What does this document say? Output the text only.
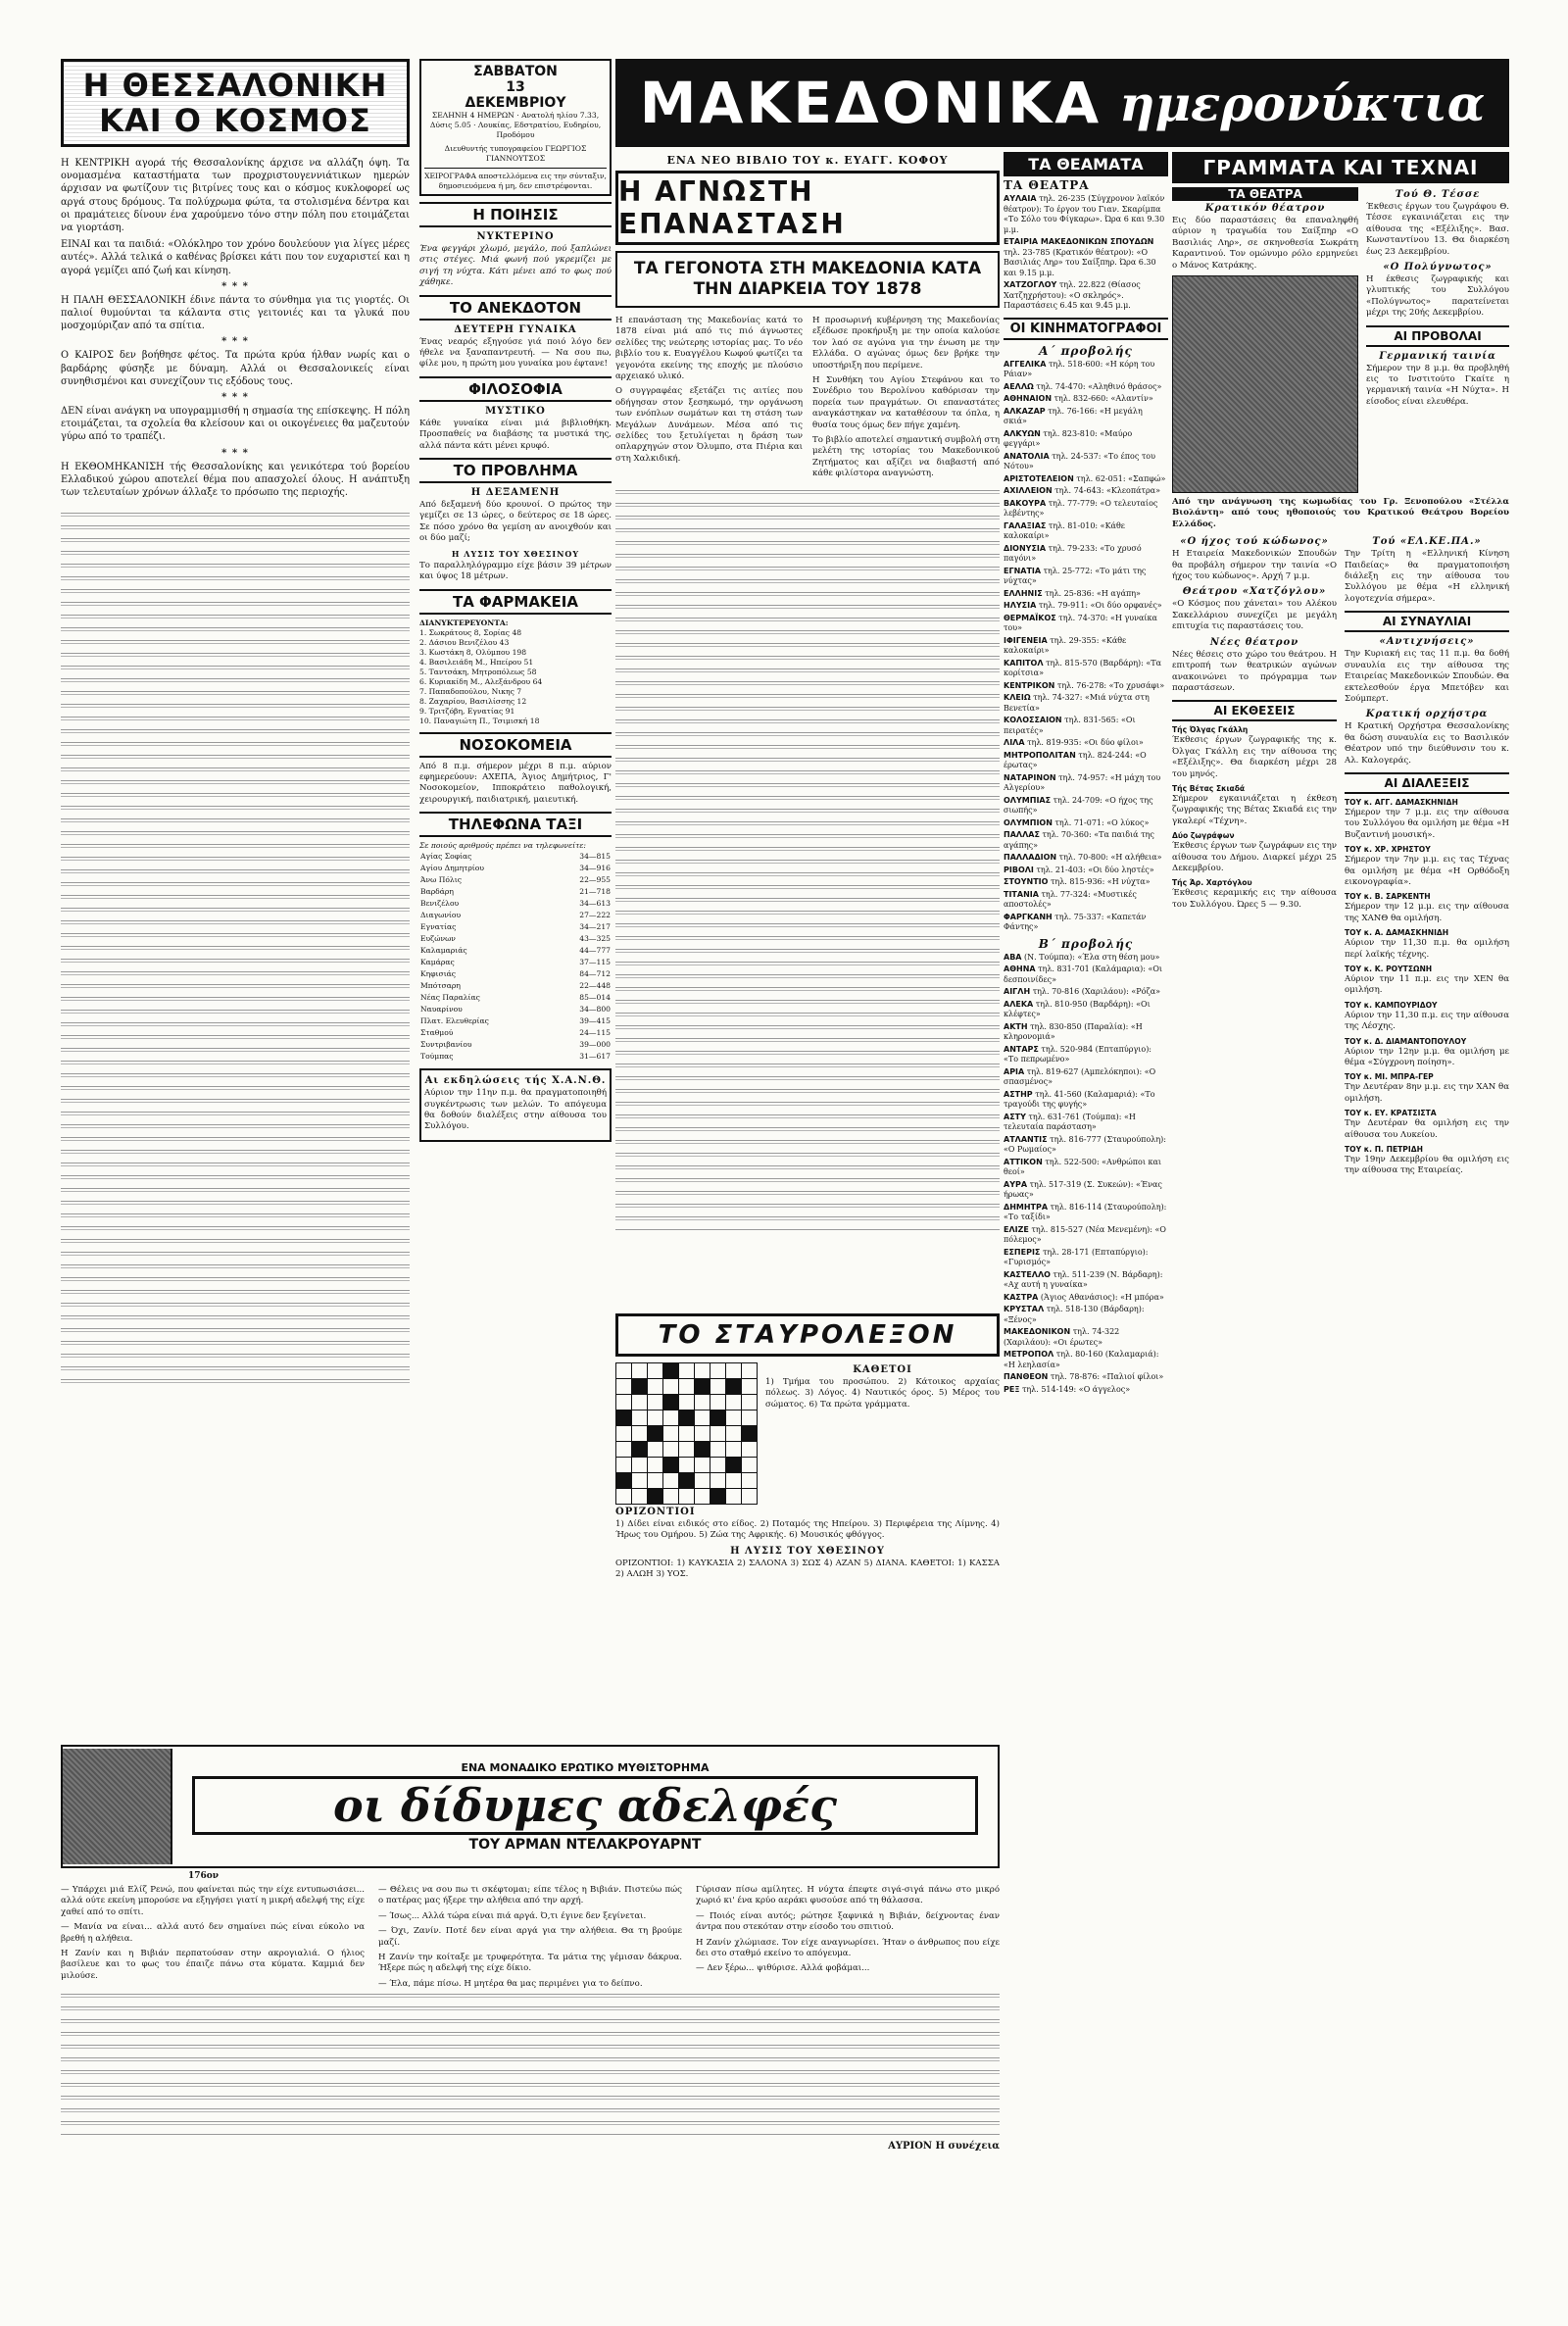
Η ΘΕΣΣΑΛΟΝΙΚΗ
ΚΑΙ Ο ΚΟΣΜΟΣ

Η ΚΕΝΤΡΙΚΗ αγορά τής Θεσσαλονίκης άρχισε να αλλάζη όψη. Τα ονομασμένα καταστήματα των προχριστουγεννιάτικων ημερών άρχισαν να φωτίζουν τις βιτρίνες τους και ο κόσμος κυκλοφορεί ως αργά στους δρόμους. Τα πολύχρωμα φώτα, τα στολισμένα δέντρα και οι πραμάτειες δίνουν ένα χαρούμενο τόνο στην πόλη που ετοιμάζεται να γιορτάση.

ΕΙΝΑΙ και τα παιδιά: «Ολόκληρο τον χρόνο δουλεύουν για λίγες μέρες αυτές». Αλλά τελικά ο καθένας βρίσκει κάτι που τον ευχαριστεί και η αγορά γεμίζει από ζωή και κίνηση.

* * *

Η ΠΑΛΗ ΘΕΣΣΑΛΟΝΙΚΗ έδινε πάντα το σύνθημα για τις γιορτές. Οι παλιοί θυμούνται τα κάλαντα στις γειτονιές και τα γλυκά που μοσχομύριζαν από τα σπίτια.

* * *

Ο ΚΑΙΡΟΣ δεν βοήθησε φέτος. Τα πρώτα κρύα ήλθαν νωρίς και ο βαρδάρης φύσηξε με δύναμη. Αλλά οι Θεσσαλονικείς είναι συνηθισμένοι και συνεχίζουν τις εξόδους τους.

* * *

ΔΕΝ είναι ανάγκη να υπογραμμισθή η σημασία της επίσκεψης. Η πόλη ετοιμάζεται, τα σχολεία θα κλείσουν και οι οικογένειες θα μαζευτούν γύρω από το τραπέζι.

* * *

Η ΕΚΘΟΜΗΚΑΝΙΣΗ τής Θεσσαλονίκης και γενικότερα τού βορείου Ελλαδικού χώρου αποτελεί θέμα που απασχολεί όλους. Η ανάπτυξη των τελευταίων χρόνων άλλαξε το πρόσωπο της περιοχής.

ΣΑΒΒΑΤΟΝ
13
ΔΕΚΕΜΒΡΙΟΥ
ΣΕΛΗΝΗ 4 ΗΜΕΡΩΝ · Ανατολή ηλίου 7.33, Δύσις 5.05 · Λουκίας, Εδστρατίου, Ευδηρίου, Προδόμου
Διευθυντής τυπογραφείου ΓΕΩΡΓΙΟΣ ΓΙΑΝΝΟΥΤΣΟΣ
ΧΕΙΡΟΓΡΑΦΑ αποστελλόμενα εις την σύνταξιν, δημοσιευόμενα ή μη, δεν επιστρέφονται.
Η ΠΟΙΗΣΙΣ
ΝΥΚΤΕΡΙΝΟ

Ένα φεγγάρι χλωμό, μεγάλο, πού ξαπλώνει στις στέγες. Μιά φωνή πού γκρεμίζει με σιγή τη νύχτα. Κάτι μένει από το φως πού χάθηκε.

ΤΟ ΑΝΕΚΔΟΤΟΝ
ΔΕΥΤΕΡΗ ΓΥΝΑΙΚΑ

Ένας νεαρός εξηγούσε γιά ποιό λόγο δεν ήθελε να ξαναπαντρευτή. — Να σου πω, φίλε μου, η πρώτη μου γυναίκα μου έφτανε!

ΦΙΛΟΣΟΦΙΑ
ΜΥΣΤΙΚΟ

Κάθε γυναίκα είναι μιά βιβλιοθήκη. Προσπαθείς να διαβάσης τα μυστικά της, αλλά πάντα κάτι μένει κρυφό.

ΤΟ ΠΡΟΒΛΗΜΑ
Η ΔΕΞΑΜΕΝΗ

Από δεξαμενή δύο κρουνοί. Ο πρώτος την γεμίζει σε 13 ώρες, ο δεύτερος σε 18 ώρες. Σε πόσο χρόνο θα γεμίση αν ανοιχθούν και οι δύο μαζί;

Η ΛΥΣΙΣ ΤΟΥ ΧΘΕΣΙΝΟΥ

Το παραλληλόγραμμο είχε βάσιν 39 μέτρων και ύψος 18 μέτρων.

ΤΑ ΦΑΡΜΑΚΕΙΑ
ΔΙΑΝΥΚΤΕΡΕΥΟΝΤΑ:
1. Σωκράτους 8, Σορίας 48
2. Δάσιου Βενιζέλου 43
3. Κωστάκη 8, Ολύμπου 198
4. Βασιλειάδη Μ., Ηπείρου 51
5. Ταντσάκη, Μητροπόλεως 58
6. Κυριακίδη Μ., Αλεξάνδρου 64
7. Παπαδοπούλου, Νικης 7
8. Ζαχαρίου, Βασιλίσσης 12
9. Τριτζόβη, Εγνατίας 91
10. Παναγιώτη Π., Τσιμισκή 18
ΝΟΣΟΚΟΜΕΙΑ

Από 8 π.μ. σήμερον μέχρι 8 π.μ. αύριον εφημερεύουν: ΑΧΕΠΑ, Άγιος Δημήτριος, Γ' Νοσοκομείον, Ιπποκράτειο παθολογική, χειρουργική, παιδιατρική, μαιευτική.

ΤΗΛΕΦΩΝΑ ΤΑΞΙ
Σε ποιούς αριθμούς πρέπει να τηλεφωνείτε:
Αγίας Σοφίας	34—815
Αγίου Δημητρίου	34—916
Άνω Πόλις	22—955
Βαρδάρη	21—718
Βενιζέλου	34—613
Διαγωνίου	27—222
Εγνατίας	34—217
Ευζώνων	43—325
Καλαμαριάς	44—777
Καμάρας	37—115
Κηφισιάς	84—712
Μπότσαρη	22—448
Νέας Παραλίας	85—014
Ναυαρίνου	34—800
Πλατ. Ελευθερίας	39—415
Σταθμού	24—115
Συντριβανίου	39—000
Τούμπας	31—617
Αι εκδηλώσεις τής Χ.Α.Ν.Θ.

Αύριον την 11ην π.μ. θα πραγματοποιηθή συγκέντρωσις των μελών. Το απόγευμα θα δοθούν διαλέξεις στην αίθουσα του Συλλόγου.

ΜΑΚΕΔΟΝΙΚΑ ημερονύκτια
ΕΝΑ ΝΕΟ ΒΙΒΛΙΟ ΤΟΥ κ. ΕΥΑΓΓ. ΚΟΦΟΥ
Η ΑΓΝΩΣΤΗ ΕΠΑΝΑΣΤΑΣΗ
ΤΑ ΓΕΓΟΝΟΤΑ ΣΤΗ ΜΑΚΕΔΟΝΙΑ ΚΑΤΑ ΤΗΝ ΔΙΑΡΚΕΙΑ ΤΟΥ 1878

Η επανάσταση της Μακεδονίας κατά το 1878 είναι μιά από τις πιό άγνωστες σελίδες της νεώτερης ιστορίας μας. Το νέο βιβλίο του κ. Ευαγγέλου Κωφού φωτίζει τα γεγονότα εκείνης της εποχής με πλούσιο αρχειακό υλικό.

Ο συγγραφέας εξετάζει τις αιτίες που οδήγησαν στον ξεσηκωμό, την οργάνωση των ενόπλων σωμάτων και τη στάση των Μεγάλων Δυνάμεων. Μέσα από τις σελίδες του ξετυλίγεται η δράση των οπλαρχηγών στον Όλυμπο, στα Πιέρια και στη Χαλκιδική.

Η προσωρινή κυβέρνηση της Μακεδονίας εξέδωσε προκήρυξη με την οποία καλούσε τον λαό σε αγώνα για την ένωση με την Ελλάδα. Ο αγώνας όμως δεν βρήκε την υποστήριξη που περίμενε.

Η Συνθήκη του Αγίου Στεφάνου και το Συνέδριο του Βερολίνου καθόρισαν την πορεία των πραγμάτων. Οι επαναστάτες αναγκάστηκαν να καταθέσουν τα όπλα, η θυσία τους όμως δεν πήγε χαμένη.

Το βιβλίο αποτελεί σημαντική συμβολή στη μελέτη της ιστορίας του Μακεδονικού Ζητήματος και αξίζει να διαβαστή από κάθε φιλίστορα αναγνώστη.

ΤΟ ΣΤΑΥΡΟΛΕΞΟΝ

ΚΑΘΕΤΟΙ

1) Τμήμα του προσώπου. 2) Κάτοικος αρχαίας πόλεως. 3) Λόγος. 4) Ναυτικός όρος. 5) Μέρος του σώματος. 6) Τα πρώτα γράμματα.

ΟΡΙΖΟΝΤΙΟΙ

1) Δίδει είναι ειδικός στο είδος. 2) Ποταμός της Ηπείρου. 3) Περιφέρεια της Λίμνης. 4) Ήρως του Ομήρου. 5) Ζώα της Αφρικής. 6) Μουσικός φθόγγος.

Η ΛΥΣΙΣ ΤΟΥ ΧΘΕΣΙΝΟΥ

ΟΡΙΖΟΝΤΙΟΙ: 1) ΚΑΥΚΑΣΙΑ 2) ΣΑΛΟΝΑ 3) ΣΩΣ 4) ΑΖΑΝ 5) ΔΙΑΝΑ. ΚΑΘΕΤΟΙ: 1) ΚΑΣΣΑ 2) ΑΛΩΗ 3) ΥΟΣ.

ΕΝΑ ΜΟΝΑΔΙΚΟ ΕΡΩΤΙΚΟ ΜΥΘΙΣΤΟΡΗΜΑ
οι δίδυμες αδελφές
ΤΟΥ ΑΡΜΑΝ ΝΤΕΛΑΚΡΟΥΑΡΝΤ
176ον

— Υπάρχει μιά Ελίζ Ρενώ, που φαίνεται πώς την είχε εντυπωσιάσει... αλλά ούτε εκείνη μπορούσε να εξηγήσει γιατί η μικρή αδελφή της είχε χαθεί από το σπίτι.

— Μανία να είναι... αλλά αυτό δεν σημαίνει πώς είναι εύκολο να βρεθή η αλήθεια.

Η Ζανίν και η Βιβιάν περπατούσαν στην ακρογιαλιά. Ο ήλιος βασίλευε και το φως του έπαιζε πάνω στα κύματα. Καμμιά δεν μιλούσε.

— Θέλεις να σου πω τι σκέφτομαι; είπε τέλος η Βιβιάν. Πιστεύω πώς ο πατέρας μας ήξερε την αλήθεια από την αρχή.

— Ίσως... Αλλά τώρα είναι πιά αργά. Ό,τι έγινε δεν ξεγίνεται.

— Όχι, Ζανίν. Ποτέ δεν είναι αργά για την αλήθεια. Θα τη βρούμε μαζί.

Η Ζανίν την κοίταξε με τρυφερότητα. Τα μάτια της γέμισαν δάκρυα. Ήξερε πώς η αδελφή της είχε δίκιο.

— Έλα, πάμε πίσω. Η μητέρα θα μας περιμένει για το δείπνο.

Γύρισαν πίσω αμίλητες. Η νύχτα έπεφτε σιγά-σιγά πάνω στο μικρό χωριό κι' ένα κρύο αεράκι φυσούσε από τη θάλασσα.

— Ποιός είναι αυτός; ρώτησε ξαφνικά η Βιβιάν, δείχνοντας έναν άντρα που στεκόταν στην είσοδο του σπιτιού.

Η Ζανίν χλώμιασε. Τον είχε αναγνωρίσει. Ήταν ο άνθρωπος που είχε δει στο σταθμό εκείνο το απόγευμα.

— Δεν ξέρω... ψιθύρισε. Αλλά φοβάμαι...

ΑΥΡΙΟΝ Η συνέχεια
ΤΑ ΘΕΑΜΑΤΑ
ΤΑ ΘΕΑΤΡΑ

ΑΥΛΑΙΑ τηλ. 26-235 (Σύγχρονον λαϊκόν θέατρον): Το έργον του Γιαν. Σκαρίμπα «Το Σόλο του Φίγκαρω». Ώρα 6 και 9.30 μ.μ.

ΕΤΑΙΡΙΑ ΜΑΚΕΔΟΝΙΚΩΝ ΣΠΟΥΔΩΝ τηλ. 23-785 (Κρατικόν θέατρον): «Ο Βασιλιάς Ληρ» του Σαίξπηρ. Ώρα 6.30 και 9.15 μ.μ.

ΧΑΤΖΟΓΛΟΥ τηλ. 22.822 (Θίασος Χατζηχρήστου): «Ο σκληρός». Παραστάσεις 6.45 και 9.45 μ.μ.

ΟΙ ΚΙΝΗΜΑΤΟΓΡΑΦΟΙ
Α΄ προβολής

ΑΓΓΕΛΙΚΑ τηλ. 518-600: «Η κόρη του Ράιαν»

ΑΕΛΛΩ τηλ. 74-470: «Αληθινό θράσος»

ΑΘΗΝΑΙΟΝ τηλ. 832-660: «Αλαντίν»

ΑΛΚΑΖΑΡ τηλ. 76-166: «Η μεγάλη σκιά»

ΑΛΚΥΩΝ τηλ. 823-810: «Μαύρο φεγγάρι»

ΑΝΑΤΟΛΙΑ τηλ. 24-537: «Το έπος του Νότου»

ΑΡΙΣΤΟΤΕΛΕΙΟΝ τηλ. 62-051: «Σαπφώ»

ΑΧΙΛΛΕΙΟΝ τηλ. 74-643: «Κλεοπάτρα»

ΒΑΚΟΥΡΑ τηλ. 77-779: «Ο τελευταίος λεβέντης»

ΓΑΛΑΞΙΑΣ τηλ. 81-010: «Κάθε καλοκαίρι»

ΔΙΟΝΥΣΙΑ τηλ. 79-233: «Το χρυσό παγόνι»

ΕΓΝΑΤΙΑ τηλ. 25-772: «Το μάτι της νύχτας»

ΕΛΛΗΝΙΣ τηλ. 25-836: «Η αγάπη»

ΗΛΥΣΙΑ τηλ. 79-911: «Οι δύο ορφανές»

ΘΕΡΜΑΪΚΟΣ τηλ. 74-370: «Η γυναίκα του»

ΙΦΙΓΕΝΕΙΑ τηλ. 29-355: «Κάθε καλοκαίρι»

ΚΑΠΙΤΟΛ τηλ. 815-570 (Βαρδάρη): «Τα κορίτσια»

ΚΕΝΤΡΙΚΟΝ τηλ. 76-278: «Το χρυσάφι»

ΚΛΕΙΩ τηλ. 74-327: «Μιά νύχτα στη Βενετία»

ΚΟΛΟΣΣΑΙΟΝ τηλ. 831-565: «Οι πειρατές»

ΛΙΛΑ τηλ. 819-935: «Οι δύο φίλοι»

ΜΗΤΡΟΠΟΛΙΤΑΝ τηλ. 824-244: «Ο έρωτας»

ΝΑΤΑΡΙΝΟΝ τηλ. 74-957: «Η μάχη του Αλγερίου»

ΟΛΥΜΠΙΑΣ τηλ. 24-709: «Ο ήχος της σιωπής»

ΟΛΥΜΠΙΟΝ τηλ. 71-071: «Ο λύκος»

ΠΑΛΛΑΣ τηλ. 70-360: «Τα παιδιά της αγάπης»

ΠΑΛΛΑΔΙΟΝ τηλ. 70-800: «Η αλήθεια»

ΡΙΒΟΛΙ τηλ. 21-403: «Οι δύο ληστές»

ΣΤΟΥΝΤΙΟ τηλ. 815-936: «Η νύχτα»

ΤΙΤΑΝΙΑ τηλ. 77-324: «Μυστικές αποστολές»

ΦΑΡΓΚΑΝΗ τηλ. 75-337: «Καπετάν Φάντης»

Β΄ προβολής

ΑΒΑ (Ν. Τούμπα): «Έλα στη θέση μου»

ΑΘΗΝΑ τηλ. 831-701 (Καλάμαρια): «Οι δεσποινίδες»

ΑΙΓΛΗ τηλ. 70-816 (Χαριλάου): «Ρόζα»

ΑΛΕΚΑ τηλ. 810-950 (Βαρδάρη): «Οι κλέφτες»

ΑΚΤΗ τηλ. 830-850 (Παραλία): «Η κληρονομιά»

ΑΝΤΑΡΣ τηλ. 520-984 (Επταπύργιο): «Το πεπρωμένο»

ΑΡΙΑ τηλ. 819-627 (Αμπελόκηποι): «Ο σπασμένος»

ΑΣΤΗΡ τηλ. 41-560 (Καλαμαριά): «Το τραγούδι της φυγής»

ΑΣΤΥ τηλ. 631-761 (Τούμπα): «Η τελευταία παράσταση»

ΑΤΛΑΝΤΙΣ τηλ. 816-777 (Σταυρούπολη): «Ο Ρωμαίος»

ΑΤΤΙΚΟΝ τηλ. 522-500: «Ανθρώποι και θεοί»

ΑΥΡΑ τηλ. 517-319 (Σ. Συκεών): «Ένας ήρωας»

ΔΗΜΗΤΡΑ τηλ. 816-114 (Σταυρούπολη): «Το ταξίδι»

ΕΛΙΖΕ τηλ. 815-527 (Νέα Μενεμένη): «Ο πόλεμος»

ΕΣΠΕΡΙΣ τηλ. 28-171 (Επταπύργιο): «Γυρισμός»

ΚΑΣΤΕΛΛΟ τηλ. 511-239 (Ν. Βάρδαρη): «Αχ αυτή η γυναίκα»

ΚΑΣΤΡΑ (Άγιος Αθανάσιος): «Η μπόρα»

ΚΡΥΣΤΑΛ τηλ. 518-130 (Βάρδαρη): «Ξένος»

ΜΑΚΕΔΟΝΙΚΟΝ τηλ. 74-322 (Χαριλάου): «Οι έρωτες»

ΜΕΤΡΟΠΟΛ τηλ. 80-160 (Καλαμαριά): «Η λεηλασία»

ΠΑΝΘΕΟΝ τηλ. 78-876: «Παλιοί φίλοι»

ΡΕΞ τηλ. 514-149: «Ο άγγελος»

ΓΡΑΜΜΑΤΑ ΚΑΙ ΤΕΧΝΑΙ
ΤΑ ΘΕΑΤΡΑ
Κρατικόν θέατρον

Εις δύο παραστάσεις θα επαναληφθή αύριον η τραγωδία του Σαίξπηρ «Ο Βασιλιάς Ληρ», σε σκηνοθεσία Σωκράτη Καραντινού. Τον ομώνυμο ρόλο ερμηνεύει ο Μάνος Κατράκης.

Τού Θ. Τέσσε

Έκθεσις έργων του ζωγράφου Θ. Τέσσε εγκαινιάζεται εις την αίθουσα της «Εξέλιξης». Βασ. Κωνσταντίνου 13. Θα διαρκέση έως 23 Δεκεμβρίου.

«Ο Πολύγνωτος»

Η έκθεσις ζωγραφικής και γλυπτικής του Συλλόγου «Πολύγνωτος» παρατείνεται μέχρι της 20ής Δεκεμβρίου.

ΑΙ ΠΡΟΒΟΛΑΙ
Γερμανική ταινία

Σήμερον την 8 μ.μ. θα προβληθή εις το Ινστιτούτο Γκαίτε η γερμανική ταινία «Η Νύχτα». Η είσοδος είναι ελευθέρα.

Από την ανάγνωση της κωμωδίας του Γρ. Ξενοπούλου «Στέλλα Βιολάντη» από τους ηθοποιούς του Κρατικού Θεάτρου Βορείου Ελλάδος.

«Ο ήχος τού κώδωνος»

Η Εταιρεία Μακεδονικών Σπουδών θα προβάλη σήμερον την ταινία «Ο ήχος του κώδωνος». Αρχή 7 μ.μ.

Θεάτρου «Χατζόγλου»

«Ο Κόσμος που χάνεται» του Αλέκου Σακελλάριου συνεχίζει με μεγάλη επιτυχία τις παραστάσεις του.

Νέες θέατρον

Νέες θέσεις στο χώρο του θεάτρου. Η επιτροπή των θεατρικών αγώνων ανακοινώνει το πρόγραμμα των παραστάσεων.

ΑΙ ΕΚΘΕΣΕΙΣ
Τής Όλγας Γκάλλη

Έκθεσις έργων ζωγραφικής της κ. Όλγας Γκάλλη εις την αίθουσα της «Εξέλιξης». Θα διαρκέση μέχρι 28 του μηνός.

Τής Βέτας Σκιαδά

Σήμερον εγκαινιάζεται η έκθεση ζωγραφικής της Βέτας Σκιαδά εις την γκαλερί «Τέχνη».

Δύο ζωγράφων

Έκθεσις έργων των ζωγράφων εις την αίθουσα του Δήμου. Διαρκεί μέχρι 25 Δεκεμβρίου.

Τής Άρ. Χαρτόγλου

Έκθεσις κεραμικής εις την αίθουσα του Συλλόγου. Ώρες 5 — 9.30.

Τού «ΕΛ.ΚΕ.ΠΑ.»

Την Τρίτη η «Ελληνική Κίνηση Παιδείας» θα πραγματοποιήση διάλεξη εις την αίθουσα του Συλλόγου με θέμα «Η ελληνική λογοτεχνία σήμερα».

ΑΙ ΣΥΝΑΥΛΙΑΙ
«Αντιχνήσεις»

Την Κυριακή εις τας 11 π.μ. θα δοθή συναυλία εις την αίθουσα της Εταιρείας Μακεδονικών Σπουδών. Θα εκτελεσθούν έργα Μπετόβεν και Σούμπερτ.

Κρατική ορχήστρα

Η Κρατική Ορχήστρα Θεσσαλονίκης θα δώση συναυλία εις το Βασιλικόν Θέατρον υπό την διεύθυνσιν του κ. Αλ. Καλογεράς.

ΑΙ ΔΙΑΛΕΞΕΙΣ
ΤΟΥ κ. ΑΓΓ. ΔΑΜΑΣΚΗΝΙΔΗ

Σήμερον την 7 μ.μ. εις την αίθουσα του Συλλόγου θα ομιλήση με θέμα «Η Βυζαντινή μουσική».

ΤΟΥ κ. ΧΡ. ΧΡΗΣΤΟΥ

Σήμερον την 7ην μ.μ. εις τας Τέχνας θα ομιλήση με θέμα «Η Ορθόδοξη εικονογραφία».

ΤΟΥ κ. Β. ΣΑΡΚΕΝΤΗ

Σήμερον την 12 μ.μ. εις την αίθουσα της ΧΑΝΘ θα ομιλήση.

ΤΟΥ κ. Α. ΔΑΜΑΣΚΗΝΙΔΗ

Αύριον την 11,30 π.μ. θα ομιλήση περί λαϊκής τέχνης.

ΤΟΥ κ. Κ. ΡΟΥΤΣΩΝΗ

Αύριον την 11 π.μ. εις την ΧΕΝ θα ομιλήση.

ΤΟΥ κ. ΚΑΜΠΟΥΡΙΔΟΥ

Αύριον την 11,30 π.μ. εις την αίθουσα της Λέσχης.

ΤΟΥ κ. Δ. ΔΙΑΜΑΝΤΟΠΟΥΛΟΥ

Αύριον την 12ην μ.μ. θα ομιλήση με θέμα «Σύγχρονη ποίηση».

ΤΟΥ κ. ΜΙ. ΜΠΡΑ-ΓΕΡ

Την Δευτέραν 8ην μ.μ. εις την ΧΑΝ θα ομιλήση.

ΤΟΥ κ. ΕΥ. ΚΡΑΤΣΙΣΤΑ

Την Δευτέραν θα ομιλήση εις την αίθουσα του Λυκείου.

ΤΟΥ κ. Π. ΠΕΤΡΙΔΗ

Την 19ην Δεκεμβρίου θα ομιλήση εις την αίθουσα της Εταιρείας.
